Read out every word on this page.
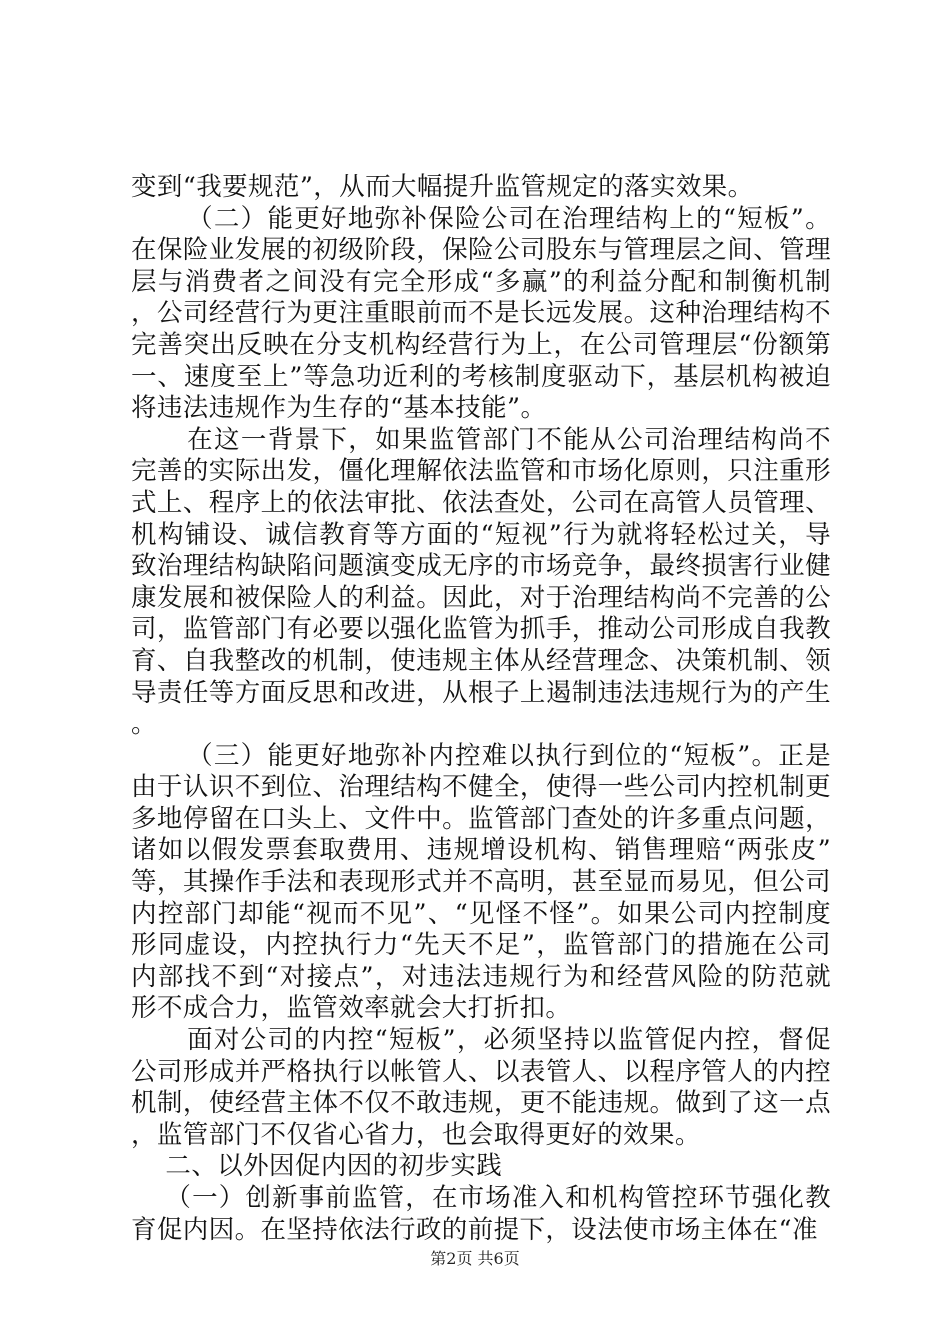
变到“我要规范”，从而大幅提升监管规定的落实效果。

（二）能更好地弥补保险公司在治理结构上的“短板”。在保险业发展的初级阶段，保险公司股东与管理层之间、管理层与消费者之间没有完全形成“多赢”的利益分配和制衡机制，公司经营行为更注重眼前而不是长远发展。这种治理结构不完善突出反映在分支机构经营行为上，在公司管理层“份额第一、速度至上”等急功近利的考核制度驱动下，基层机构被迫将违法违规作为生存的“基本技能”。

在这一背景下，如果监管部门不能从公司治理结构尚不完善的实际出发，僵化理解依法监管和市场化原则，只注重形式上、程序上的依法审批、依法查处，公司在高管人员管理、机构铺设、诚信教育等方面的“短视”行为就将轻松过关，导致治理结构缺陷问题演变成无序的市场竞争，最终损害行业健康发展和被保险人的利益。因此，对于治理结构尚不完善的公司，监管部门有必要以强化监管为抓手，推动公司形成自我教育、自我整改的机制，使违规主体从经营理念、决策机制、领导责任等方面反思和改进，从根子上遏制违法违规行为的产生。

（三）能更好地弥补内控难以执行到位的“短板”。正是由于认识不到位、治理结构不健全，使得一些公司内控机制更多地停留在口头上、文件中。监管部门查处的许多重点问题，诸如以假发票套取费用、违规增设机构、销售理赔“两张皮”等，其操作手法和表现形式并不高明，甚至显而易见，但公司内控部门却能“视而不见”、“见怪不怪”。如果公司内控制度形同虚设，内控执行力“先天不足”，监管部门的措施在公司内部找不到“对接点”，对违法违规行为和经营风险的防范就形不成合力，监管效率就会大打折扣。

面对公司的内控“短板”，必须坚持以监管促内控，督促公司形成并严格执行以帐管人、以表管人、以程序管人的内控机制，使经营主体不仅不敢违规，更不能违规。做到了这一点，监管部门不仅省心省力，也会取得更好的效果。

二、以外因促内因的初步实践

（一）创新事前监管，在市场准入和机构管控环节强化教育促内因。在坚持依法行政的前提下，设法使市场主体在“准

第2页 共6页
